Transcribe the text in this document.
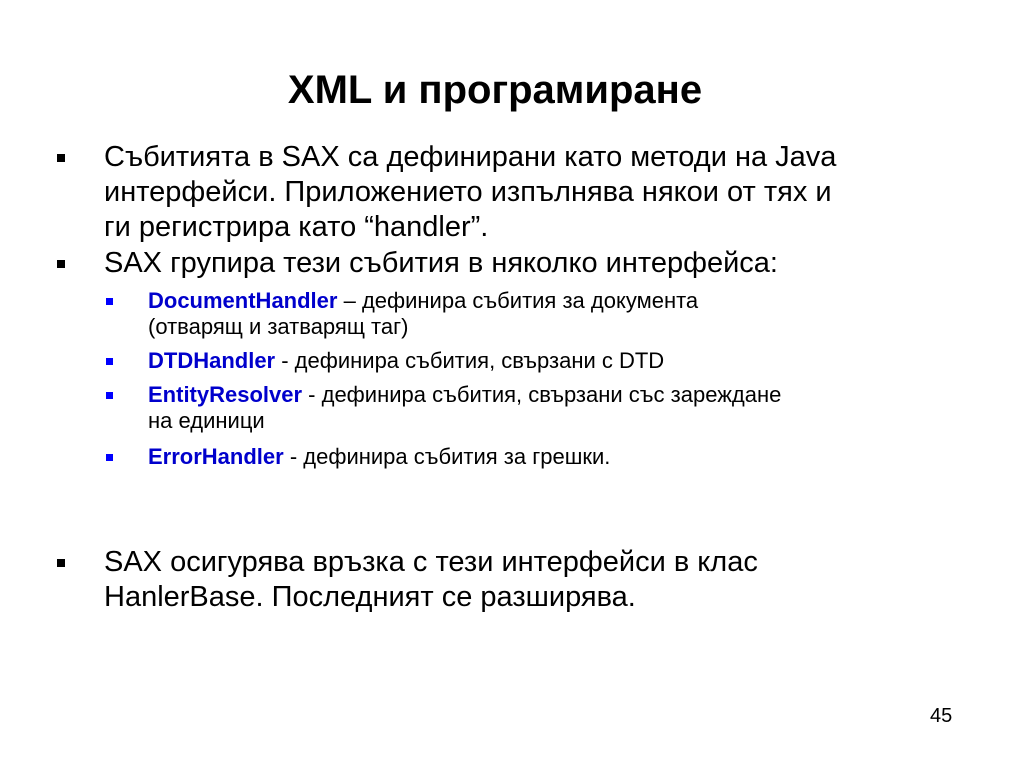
XML и програмиране
Събитията в SAX са дефинирани като методи на Java
интерфейси. Приложението изпълнява някои от тях и
ги регистрира като “handler”.
SAX групира тези събития в няколко интерфейса:
DocumentHandler – дефинира събития за документа
(отварящ и затварящ таг)
DTDHandler - дефинира събития, свързани с DTD
EntityResolver - дефинира събития, свързани със зареждане
на единици
ErrorHandler - дефинира събития за грешки.
SAX осигурява връзка с тези интерфейси в клас
HanlerBase. Последният се разширява.
45
